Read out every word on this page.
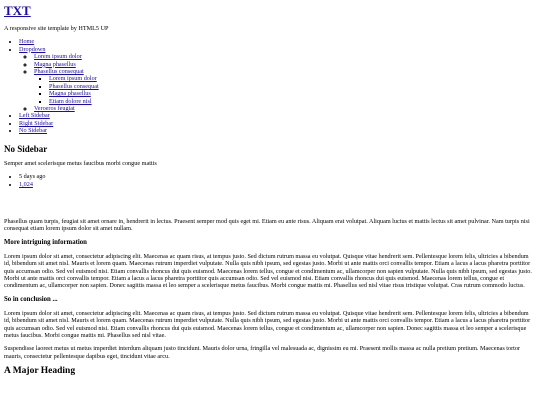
TXT

A responsive site template by HTML5 UP

• Home
• Dropdown
◦ Lorem ipsum dolor
◦ Magna phasellus
◦ Phasellus consequat
▪ Lorem ipsum dolor
▪ Phasellus consequat
▪ Magna phasellus
▪ Etiam dolore nisl
◦ Veroeros feugiat
• Left Sidebar
• Right Sidebar
• No Sidebar
No Sidebar

Semper amet scelerisque metus faucibus morbi congue mattis

• 5 days ago
• 1,024

Phasellus quam turpis, feugiat sit amet ornare in, hendrerit in lectus. Praesent semper mod quis eget mi. Etiam eu ante risus. Aliquam erat volutpat. Aliquam luctus et mattis lectus sit amet pulvinar. Nam turpis nisi consequat etiam lorem ipsum dolor sit amet nullam.

More intriguing information

Lorem ipsum dolor sit amet, consectetur adipiscing elit. Maecenas ac quam risus, at tempus justo. Sed dictum rutrum massa eu volutpat. Quisque vitae hendrerit sem. Pellentesque lorem felis, ultricies a bibendum id, bibendum sit amet nisl. Mauris et lorem quam. Maecenas rutrum imperdiet vulputate. Nulla quis nibh ipsum, sed egestas justo. Morbi ut ante mattis orci convallis tempor. Etiam a lacus a lacus pharetra porttitor quis accumsan odio. Sed vel euismod nisi. Etiam convallis rhoncus dui quis euismod. Maecenas lorem tellus, congue et condimentum ac, ullamcorper non sapien vulputate. Nulla quis nibh ipsum, sed egestas justo. Morbi ut ante mattis orci convallis tempor. Etiam a lacus a lacus pharetra porttitor quis accumsan odio. Sed vel euismod nisi. Etiam convallis rhoncus dui quis euismod. Maecenas lorem tellus, congue et condimentum ac, ullamcorper non sapien. Donec sagittis massa et leo semper a scelerisque metus faucibus. Morbi congue mattis mi. Phasellus sed nisl vitae risus tristique volutpat. Cras rutrum commodo luctus.

So in conclusion ...

Lorem ipsum dolor sit amet, consectetur adipiscing elit. Maecenas ac quam risus, at tempus justo. Sed dictum rutrum massa eu volutpat. Quisque vitae hendrerit sem. Pellentesque lorem felis, ultricies a bibendum id, bibendum sit amet nisl. Mauris et lorem quam. Maecenas rutrum imperdiet vulputate. Nulla quis nibh ipsum, sed egestas justo. Morbi ut ante mattis orci convallis tempor. Etiam a lacus a lacus pharetra porttitor quis accumsan odio. Sed vel euismod nisi. Etiam convallis rhoncus dui quis euismod. Maecenas lorem tellus, congue et condimentum ac, ullamcorper non sapien. Donec sagittis massa et leo semper a scelerisque metus faucibus. Morbi congue mattis mi. Phasellus sed nisl vitae.

Suspendisse laoreet metus ut metus imperdiet interdum aliquam justo tincidunt. Mauris dolor urna, fringilla vel malesuada ac, dignissim eu mi. Praesent mollis massa ac nulla pretium pretium. Maecenas tortor mauris, consectetur pellentesque dapibus eget, tincidunt vitae arcu.

A Major Heading
